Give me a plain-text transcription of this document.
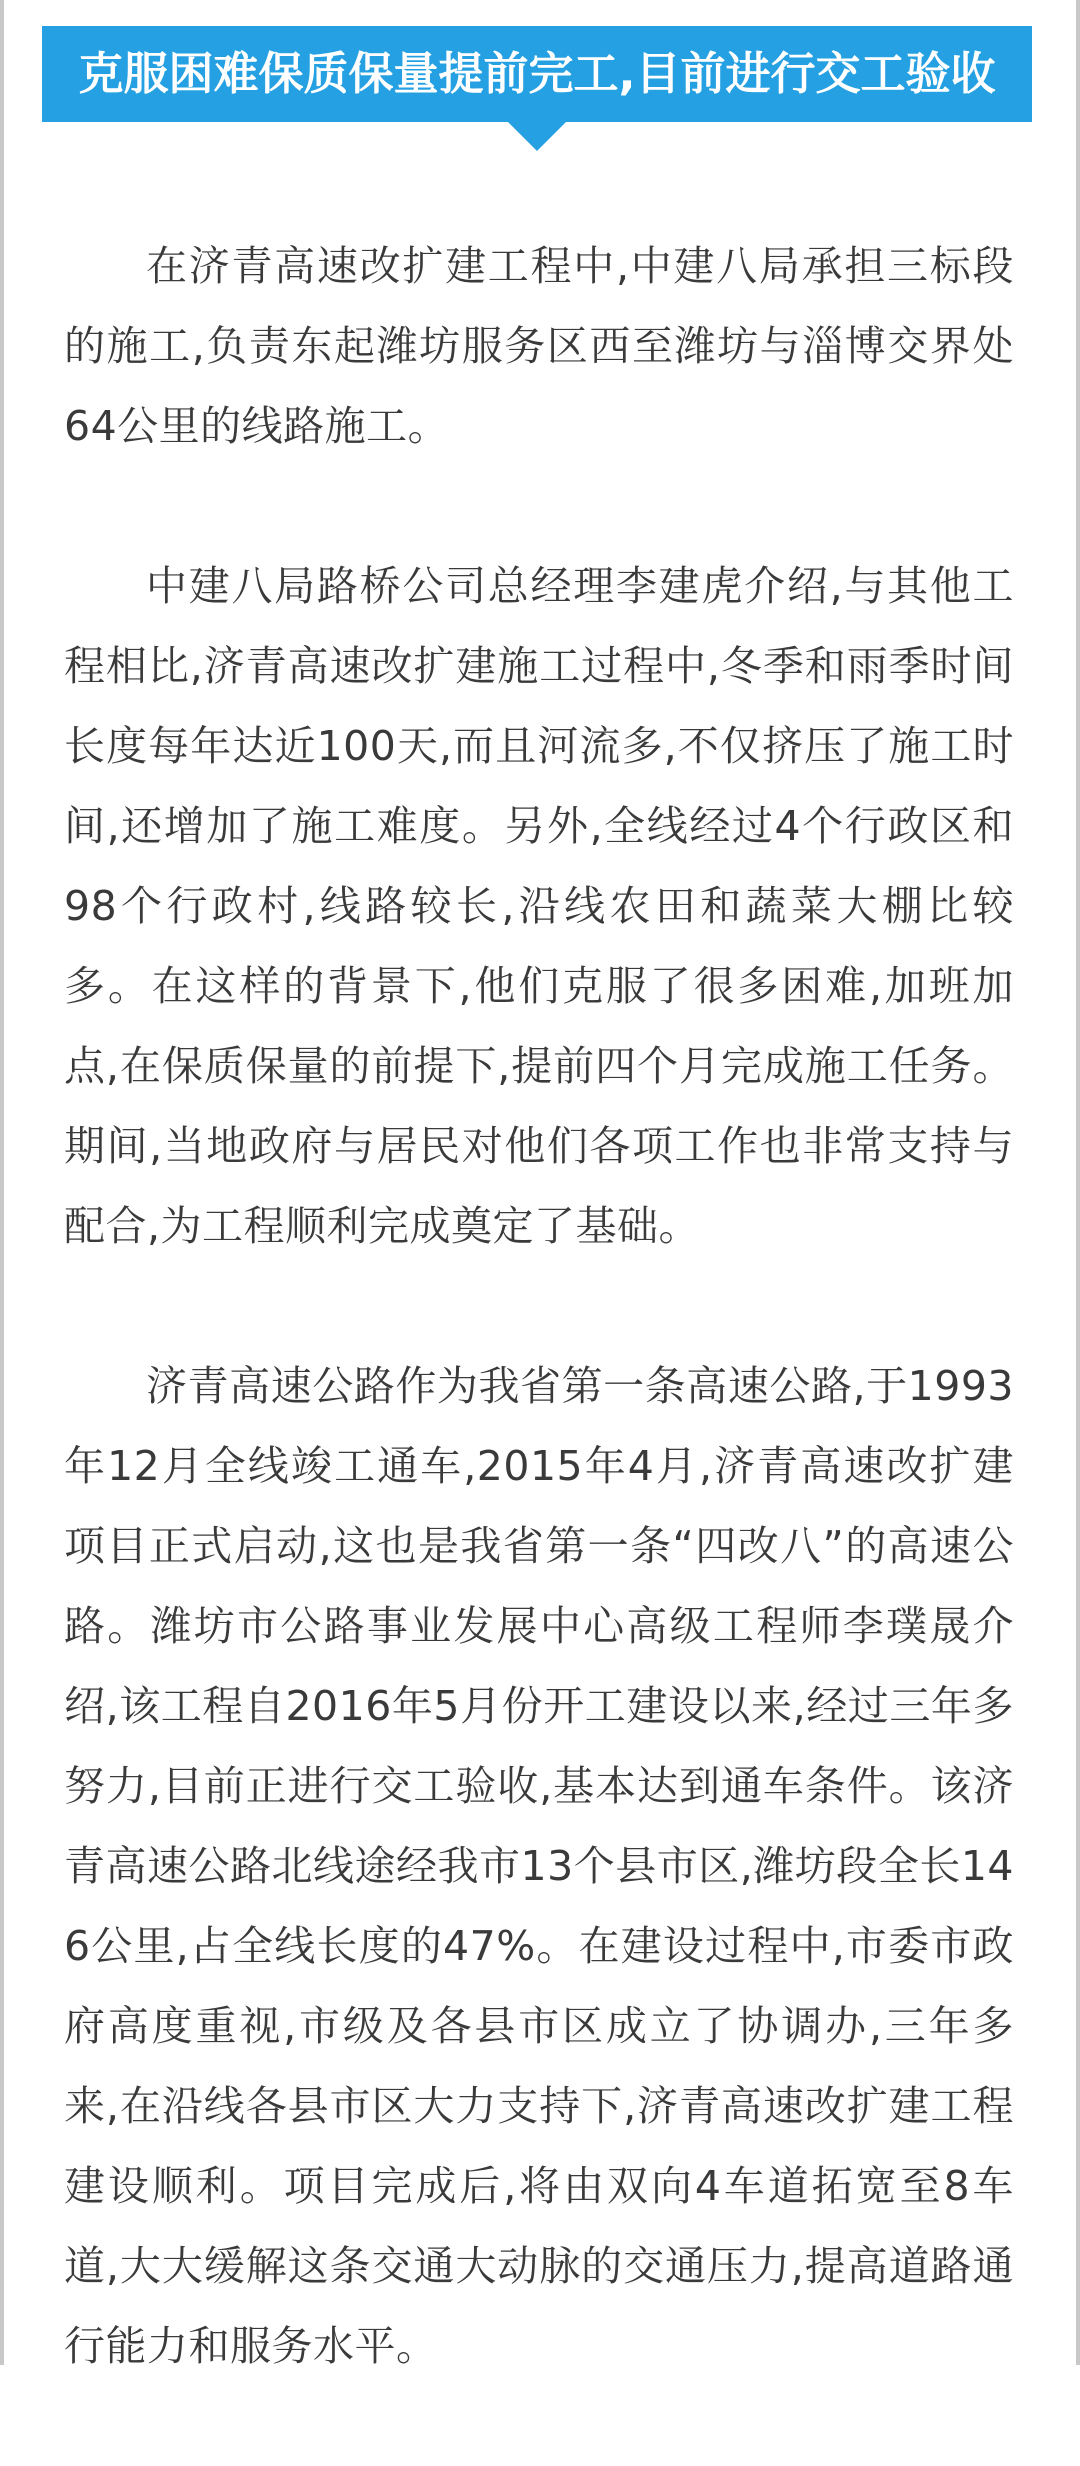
克服困难保质保量提前完工,目前进行交工验收

在济青高速改扩建工程中,中建八局承担三标段的施工,负责东起潍坊服务区西至潍坊与淄博交界处64公里的线路施工。

中建八局路桥公司总经理李建虎介绍,与其他工程相比,济青高速改扩建施工过程中,冬季和雨季时间长度每年达近100天,而且河流多,不仅挤压了施工时间,还增加了施工难度。另外,全线经过4个行政区和98个行政村,线路较长,沿线农田和蔬菜大棚比较多。在这样的背景下,他们克服了很多困难,加班加点,在保质保量的前提下,提前四个月完成施工任务。期间,当地政府与居民对他们各项工作也非常支持与配合,为工程顺利完成奠定了基础。

济青高速公路作为我省第一条高速公路,于1993年12月全线竣工通车,2015年4月,济青高速改扩建项目正式启动,这也是我省第一条“四改八”的高速公路。潍坊市公路事业发展中心高级工程师李璞晟介绍,该工程自2016年5月份开工建设以来,经过三年多努力,目前正进行交工验收,基本达到通车条件。该济青高速公路北线途经我市13个县市区,潍坊段全长146公里,占全线长度的47%。在建设过程中,市委市政府高度重视,市级及各县市区成立了协调办,三年多来,在沿线各县市区大力支持下,济青高速改扩建工程建设顺利。项目完成后,将由双向4车道拓宽至8车道,大大缓解这条交通大动脉的交通压力,提高道路通行能力和服务水平。
